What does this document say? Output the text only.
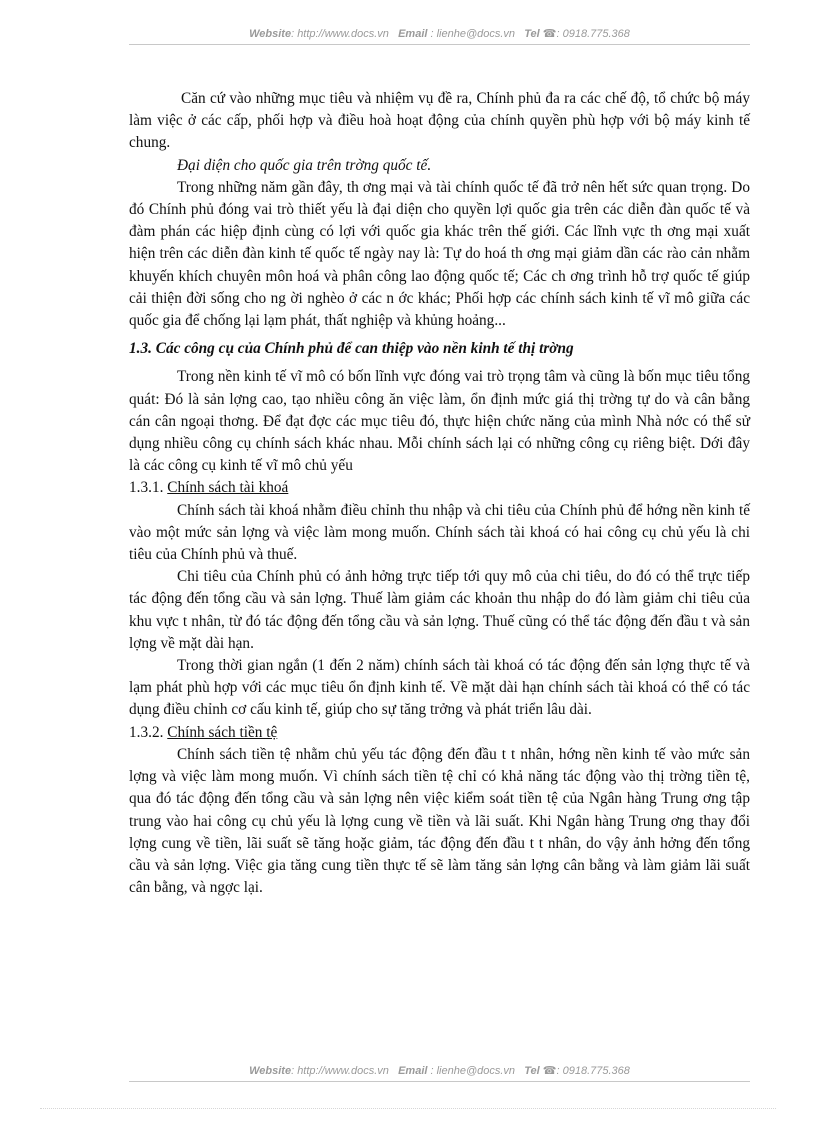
Website: http://www.docs.vn Email : lienhe@docs.vn Tel ☎: 0918.775.368

Căn cứ vào những mục tiêu và nhiệm vụ đề ra, Chính phủ đa ra các chế độ, tổ chức bộ máy làm việc ở các cấp, phối hợp và điều hoà hoạt động của chính quyền phù hợp với bộ máy kinh tế chung.

Đại diện cho quốc gia trên trờng quốc tế.

Trong những năm gần đây, th ơng mại và tài chính quốc tế đã trở nên hết sức quan trọng. Do đó Chính phủ đóng vai trò thiết yếu là đại diện cho quyền lợi quốc gia trên các diễn đàn quốc tế và đàm phán các hiệp định cùng có lợi với quốc gia khác trên thế giới. Các lĩnh vực th ơng mại xuất hiện trên các diễn đàn kinh tế quốc tế ngày nay là: Tự do hoá th ơng mại giảm dần các rào cản nhằm khuyến khích chuyên môn hoá và phân công lao động quốc tế; Các ch ơng trình hỗ trợ quốc tế giúp cải thiện đời sống cho ng ời nghèo ở các n ớc khác; Phối hợp các chính sách kinh tế vĩ mô giữa các quốc gia để chống lại lạm phát, thất nghiệp và khủng hoảng...

1.3. Các công cụ của Chính phủ để can thiệp vào nền kinh tế thị trờng

Trong nền kinh tế vĩ mô có bốn lĩnh vực đóng vai trò trọng tâm và cũng là bốn mục tiêu tổng quát: Đó là sản lợng cao, tạo nhiều công ăn việc làm, ổn định mức giá thị trờng tự do và cân bằng cán cân ngoại thơng. Để đạt đợc các mục tiêu đó, thực hiện chức năng của mình Nhà nớc có thể sử dụng nhiều công cụ chính sách khác nhau. Mỗi chính sách lại có những công cụ riêng biệt. Dới đây là các công cụ kinh tế vĩ mô chủ yếu

1.3.1. Chính sách tài khoá

Chính sách tài khoá nhằm điều chỉnh thu nhập và chi tiêu của Chính phủ để hớng nền kinh tế vào một mức sản lợng và việc làm mong muốn. Chính sách tài khoá có hai công cụ chủ yếu là chi tiêu của Chính phủ và thuế.

Chi tiêu của Chính phủ có ảnh hởng trực tiếp tới quy mô của chi tiêu, do đó có thể trực tiếp tác động đến tổng cầu và sản lợng. Thuế làm giảm các khoản thu nhập do đó làm giảm chi tiêu của khu vực t nhân, từ đó tác động đến tổng cầu và sản lợng. Thuế cũng có thể tác động đến đầu t và sản lợng về mặt dài hạn.

Trong thời gian ngắn (1 đến 2 năm) chính sách tài khoá có tác động đến sản lợng thực tế và lạm phát phù hợp với các mục tiêu ổn định kinh tế. Về mặt dài hạn chính sách tài khoá có thể có tác dụng điều chỉnh cơ cấu kinh tế, giúp cho sự tăng trởng và phát triển lâu dài.

1.3.2. Chính sách tiền tệ

Chính sách tiền tệ nhằm chủ yếu tác động đến đầu t t nhân, hớng nền kinh tế vào mức sản lợng và việc làm mong muốn. Vì chính sách tiền tệ chỉ có khả năng tác động vào thị trờng tiền tệ, qua đó tác động đến tổng cầu và sản lợng nên việc kiểm soát tiền tệ của Ngân hàng Trung ơng tập trung vào hai công cụ chủ yếu là lợng cung về tiền và lãi suất. Khi Ngân hàng Trung ơng thay đổi lợng cung về tiền, lãi suất sẽ tăng hoặc giảm, tác động đến đầu t t nhân, do vậy ảnh hởng đến tổng cầu và sản lợng. Việc gia tăng cung tiền thực tế sẽ làm tăng sản lợng cân bằng và làm giảm lãi suất cân bằng, và ngợc lại.

Website: http://www.docs.vn Email : lienhe@docs.vn Tel ☎: 0918.775.368
